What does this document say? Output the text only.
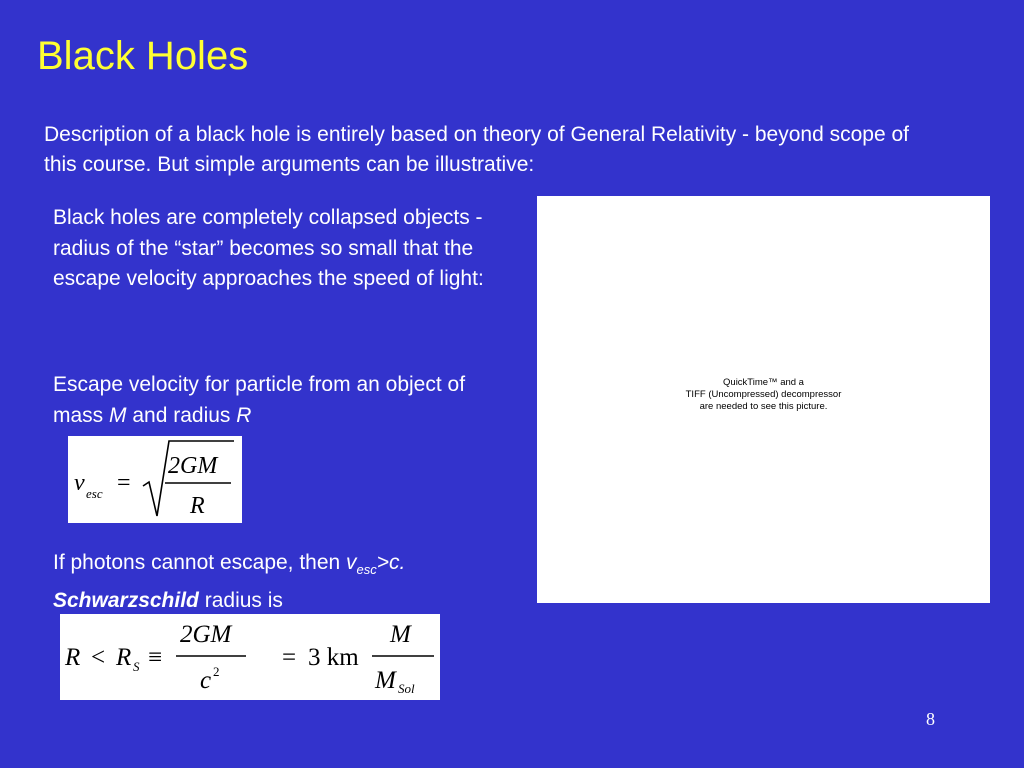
Black Holes
Description of a black hole is entirely based on theory of General Relativity - beyond scope of this course. But simple arguments can be illustrative:
Black holes are completely collapsed objects - radius of the “star” becomes so small that the escape velocity approaches the speed of light:
Escape velocity for particle from an object of mass M and radius R
v esc =
2GM
R
If photons cannot escape, then $v_{esc}>c$.
Schwarzschild radius is
R < R S ≡
2GM
c 2
= 3 km
M
M Sol
QuickTime™ and a
TIFF (Uncompressed) decompressor
are needed to see this picture.
8
